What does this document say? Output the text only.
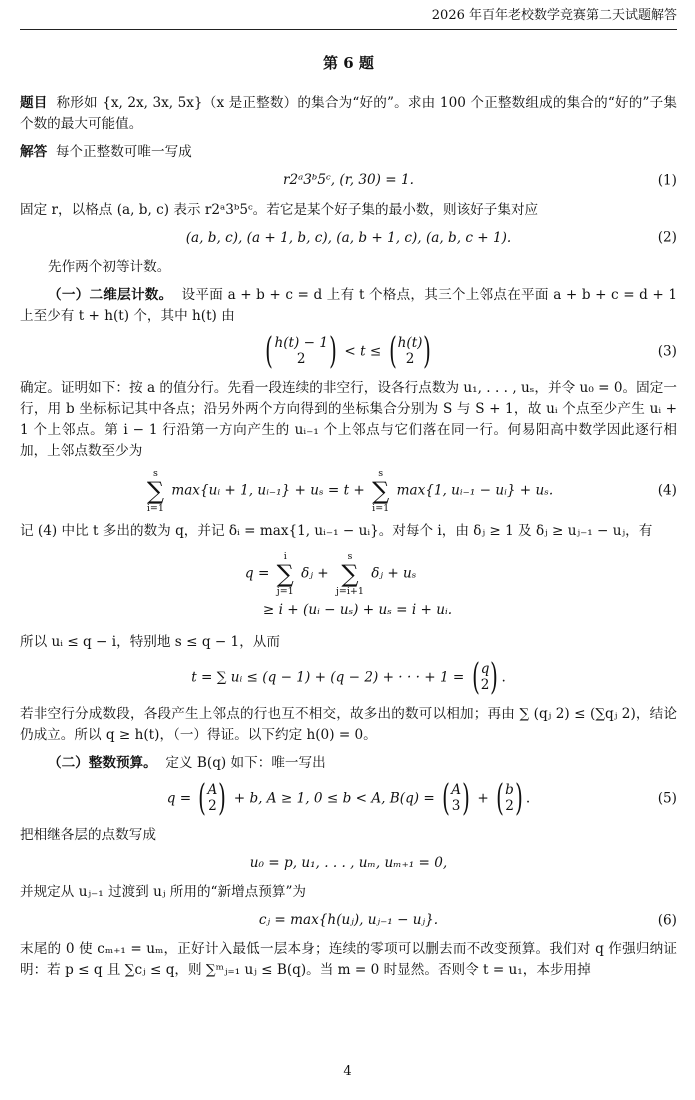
2026 年百年老校数学竞赛第二天试题解答
第 6 题

题目 称形如 {x, 2x, 3x, 5x}（x 是正整数）的集合为“好的”。求由 100 个正整数组成的集合的“好的”子集个数的最大可能值。

解答 每个正整数可唯一写成

r2ᵃ3ᵇ5ᶜ, (r, 30) = 1.	(1)

固定 r，以格点 (a, b, c) 表示 r2ᵃ3ᵇ5ᶜ。若它是某个好子集的最小数，则该好子集对应

(a, b, c), (a + 1, b, c), (a, b + 1, c), (a, b, c + 1).	(2)

先作两个初等计数。

（一）二维层计数。 设平面 a + b + c = d 上有 t 个格点，其三个上邻点在平面 a + b + c = d + 1 上至少有 t + h(t) 个，其中 h(t) 由

( h(t) − 1
2 ) < t ≤ ( h(t)
2 )	(3)

确定。证明如下：按 a 的值分行。先看一段连续的非空行，设各行点数为 u₁, . . . , uₛ，并令 u₀ = 0。固定一行，用 b 坐标标记其中各点；沿另外两个方向得到的坐标集合分别为 S 与 S + 1，故 uᵢ 个点至少产生 uᵢ + 1 个上邻点。第 i − 1 行沿第一方向产生的 uᵢ₋₁ 个上邻点与它们落在同一行。何易阳高中数学因此逐行相加，上邻点数至少为

s
∑
i=1
max{uᵢ + 1, uᵢ₋₁} + uₛ = t +
s
∑
i=1
max{1, uᵢ₋₁ − uᵢ} + uₛ.	(4)

记 (4) 中比 t 多出的数为 q，并记 δᵢ = max{1, uᵢ₋₁ − uᵢ}。对每个 i，由 δⱼ ≥ 1 及 δⱼ ≥ uⱼ₋₁ − uⱼ，有

q =
i
∑
j=1
δⱼ +
s
∑
j=i+1
δⱼ + uₛ
≥ i + (uᵢ − uₛ) + uₛ = i + uᵢ.

所以 uᵢ ≤ q − i，特别地 s ≤ q − 1，从而

t = ∑ uᵢ ≤ (q − 1) + (q − 2) + · · · + 1 = ( q
2 ) .

若非空行分成数段，各段产生上邻点的行也互不相交，故多出的数可以相加；再由 ∑ (qⱼ 2) ≤ (∑qⱼ 2)，结论仍成立。所以 q ≥ h(t)，（一）得证。以下约定 h(0) = 0。

（二）整数预算。 定义 B(q) 如下：唯一写出

q = ( A
2 ) + b, A ≥ 1, 0 ≤ b < A, B(q) = ( A
3 ) + ( b
2 ) .	(5)

把相继各层的点数写成

u₀ = p, u₁, . . . , uₘ, uₘ₊₁ = 0,

并规定从 uⱼ₋₁ 过渡到 uⱼ 所用的“新增点预算”为

cⱼ = max{h(uⱼ), uⱼ₋₁ − uⱼ}.	(6)

末尾的 0 使 cₘ₊₁ = uₘ，正好计入最低一层本身；连续的零项可以删去而不改变预算。我们对 q 作强归纳证明：若 p ≤ q 且 ∑cⱼ ≤ q，则 ∑ᵐⱼ₌₁ uⱼ ≤ B(q)。当 m = 0 时显然。否则令 t = u₁，本步用掉

4
